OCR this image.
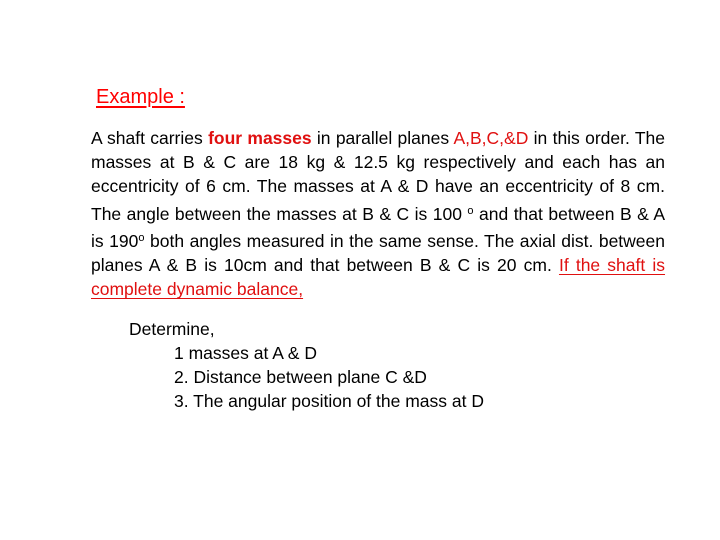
Example :
A shaft carries four masses in parallel planes A,B,C,&D in this order. The masses at B & C are 18 kg & 12.5 kg respectively and each has an eccentricity of 6 cm. The masses at A & D have an eccentricity of 8 cm. The angle between the masses at B & C is 100 $^o$ and that between B & A is 190$^o$ both angles measured in the same sense. The axial dist. between planes A & B is 10cm and that between B & C is 20 cm. If the shaft is complete dynamic balance,
Determine,
1 masses at A & D
2. Distance between plane C &D
3. The angular position of the mass at D
